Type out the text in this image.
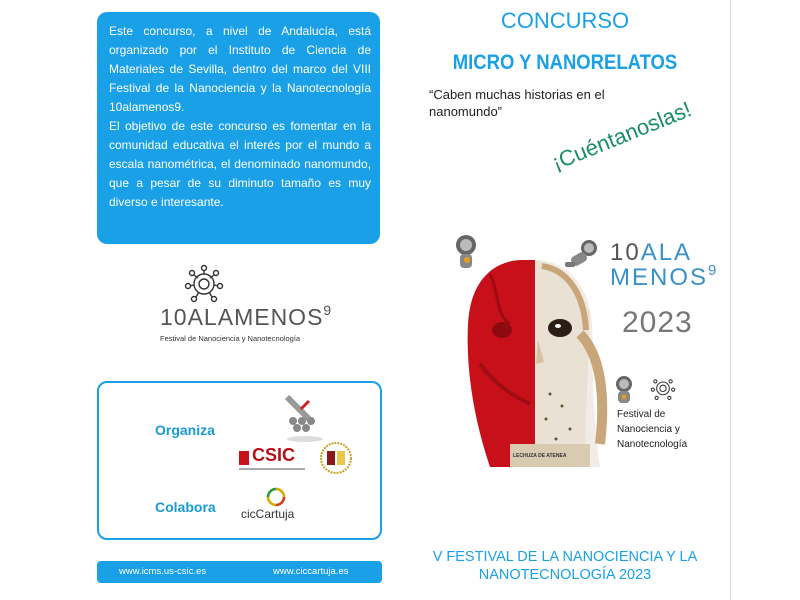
Este concurso, a nivel de Andalucía, está organizado por el Instituto de Ciencia de Materiales de Sevilla, dentro del marco del VIII Festival de la Nanociencia y la Nanotecnología 10alamenos9.

El objetivo de este concurso es fomentar en la comunidad educativa el interés por el mundo a escala nanométrica, el denominado nanomundo, que a pesar de su diminuto tamaño es muy diverso e interesante.

10ALAMENOS$^9$
Festival de Nanociencia y Nanotecnología
Organiza
Colabora
CSIC
cicCartuja
www.icms.us-csic.es	www.ciccartuja.es
CONCURSO
MICRO Y NANORELATOS
“Caben muchas historias en el nanomundo”	¡Cuéntanoslas!
10ALA
MENOS$^9$
2023
Festival de
Nanociencia y
Nanotecnología
LECHUZA DE ATENEA
V FESTIVAL DE LA NANOCIENCIA Y LA
NANOTECNOLOGÍA 2023
